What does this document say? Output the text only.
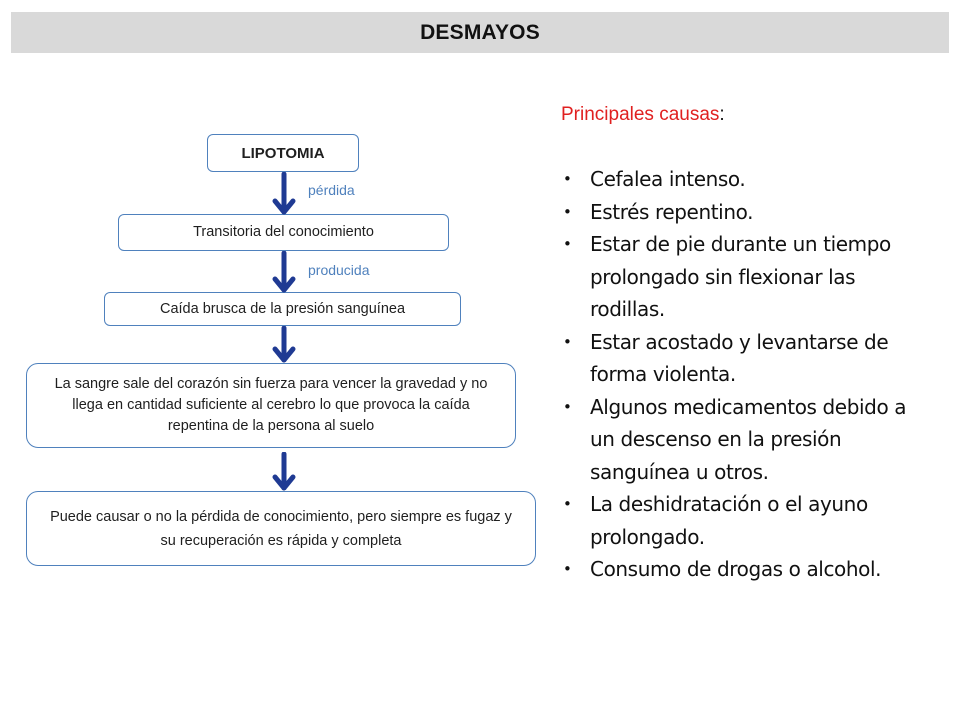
DESMAYOS
LIPOTOMIA
Transitoria del conocimiento
Caída brusca de la presión sanguínea
La sangre sale del corazón sin fuerza para vencer la gravedad y no llega en cantidad suficiente al cerebro lo que provoca la caída repentina de la persona al suelo
Puede causar o no la pérdida de conocimiento, pero siempre es fugaz y su recuperación es rápida y completa
pérdida
producida

Principales causas:

• Cefalea intenso.
• Estrés repentino.
• Estar de pie durante un tiempo prolongado sin flexionar las rodillas.
• Estar acostado y levantarse de forma violenta.
• Algunos medicamentos debido a un descenso en la presión sanguínea u otros.
• La deshidratación o el ayuno prolongado.
• Consumo de drogas o alcohol.
